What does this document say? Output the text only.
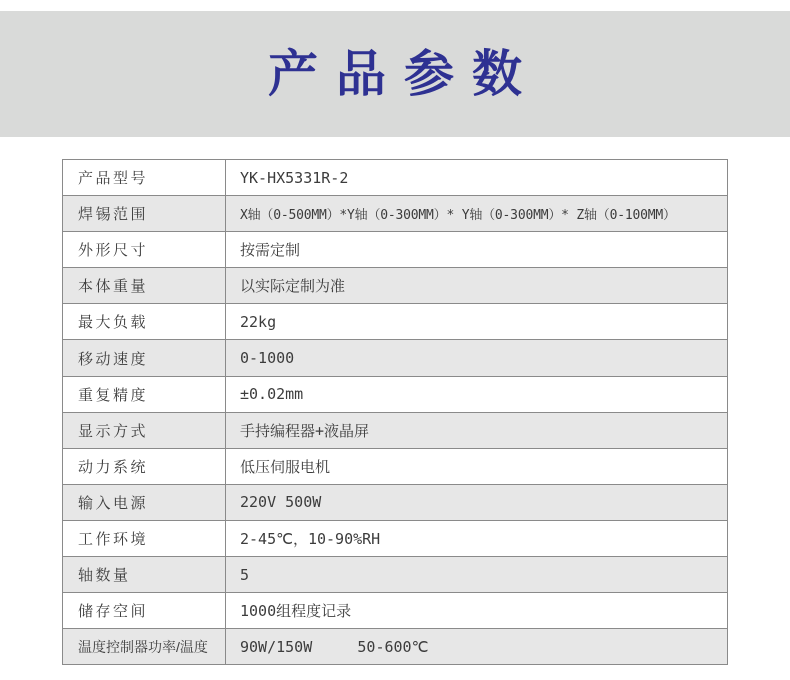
产品参数
产品型号	YK-HX5331R-2
焊锡范围	X轴（0-500MM）*Y轴（0-300MM）* Y轴（0-300MM）* Z轴（0-100MM）
外形尺寸	按需定制
本体重量	以实际定制为准
最大负载	22kg
移动速度	0-1000
重复精度	±0.02mm
显示方式	手持编程器+液晶屏
动力系统	低压伺服电机
输入电源	220V 500W
工作环境	2-45℃，10-90%RH
轴数量	5
储存空间	1000组程度记录
温度控制器功率/温度	90W/150W     50-600℃
